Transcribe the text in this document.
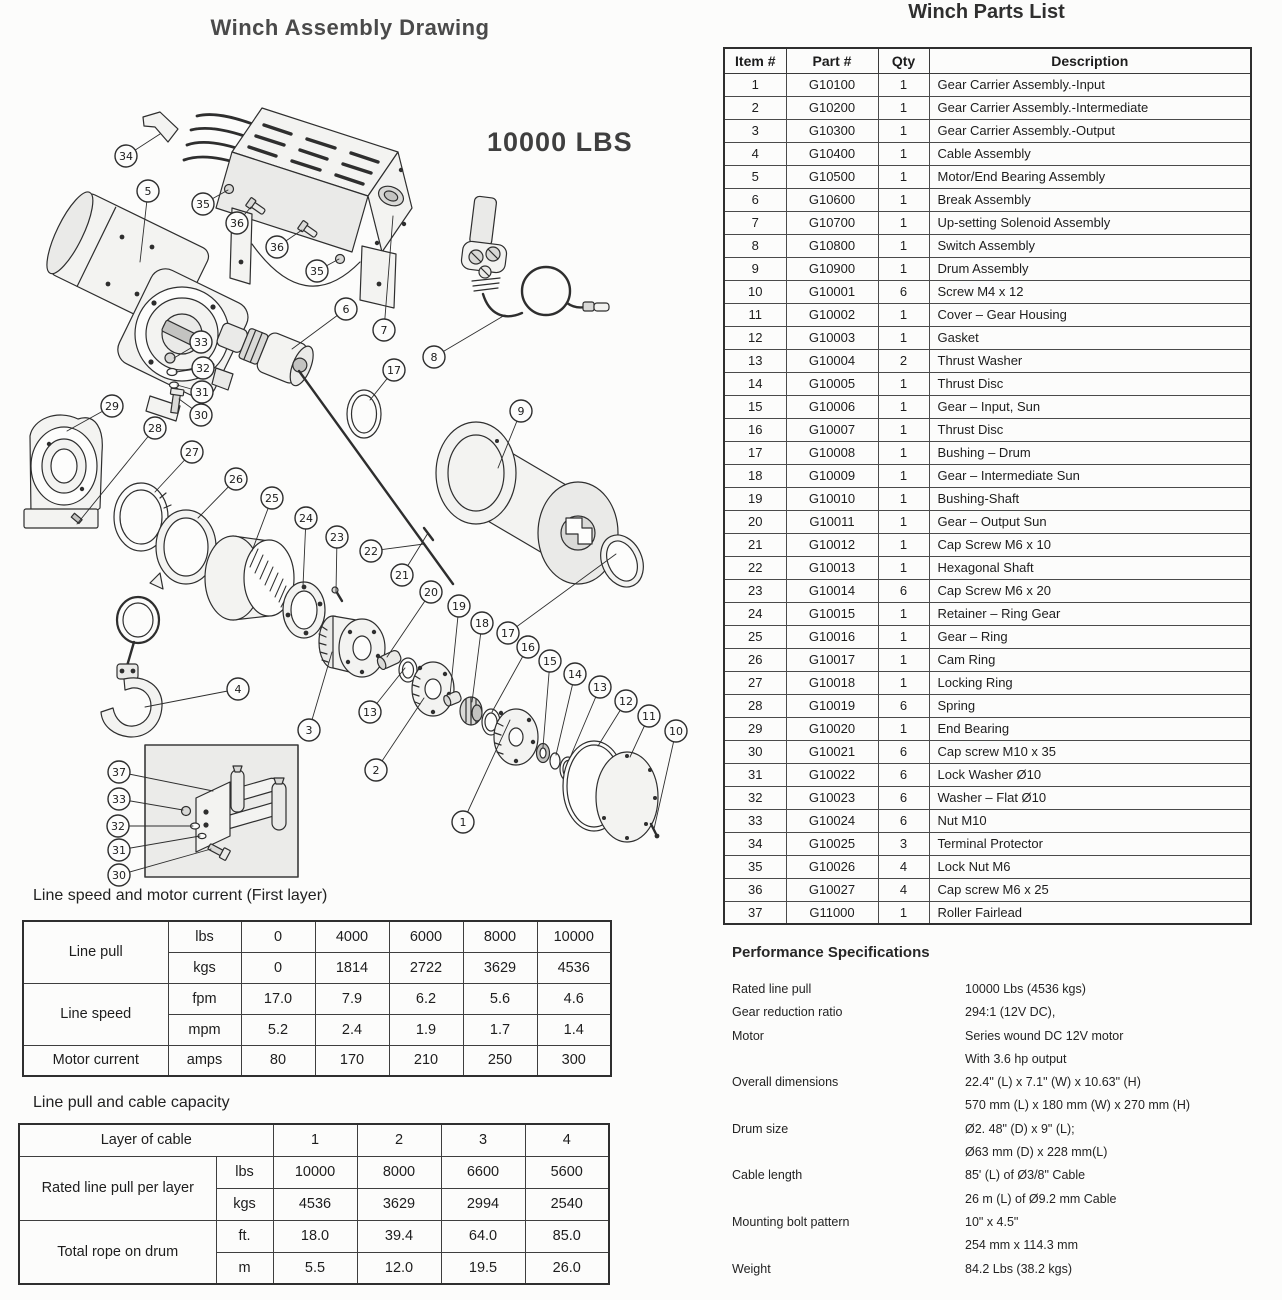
Winch Assembly Drawing
Winch Parts List
10000 LBS
34
5
35
36
36
35
6
7
8
17
9
33
32
31
30
29
28
27
26
25
24
23
22
21
20
19
18
17
16
15
14
13
12
11
10
13
3
2
1
4
37
33
32
31
30
Item #	Part #	Qty	Description
1	G10100	1	Gear Carrier Assembly.-Input
2	G10200	1	Gear Carrier Assembly.-Intermediate
3	G10300	1	Gear Carrier Assembly.-Output
4	G10400	1	Cable Assembly
5	G10500	1	Motor/End Bearing Assembly
6	G10600	1	Break Assembly
7	G10700	1	Up-setting Solenoid Assembly
8	G10800	1	Switch Assembly
9	G10900	1	Drum Assembly
10	G10001	6	Screw M4 x 12
11	G10002	1	Cover – Gear Housing
12	G10003	1	Gasket
13	G10004	2	Thrust Washer
14	G10005	1	Thrust Disc
15	G10006	1	Gear – Input, Sun
16	G10007	1	Thrust Disc
17	G10008	1	Bushing – Drum
18	G10009	1	Gear – Intermediate Sun
19	G10010	1	Bushing-Shaft
20	G10011	1	Gear – Output Sun
21	G10012	1	Cap Screw M6 x 10
22	G10013	1	Hexagonal Shaft
23	G10014	6	Cap Screw M6 x 20
24	G10015	1	Retainer – Ring Gear
25	G10016	1	Gear – Ring
26	G10017	1	Cam Ring
27	G10018	1	Locking Ring
28	G10019	6	Spring
29	G10020	1	End Bearing
30	G10021	6	Cap screw M10 x 35
31	G10022	6	Lock Washer Ø10
32	G10023	6	Washer – Flat Ø10
33	G10024	6	Nut M10
34	G10025	3	Terminal Protector
35	G10026	4	Lock Nut M6
36	G10027	4	Cap screw M6 x 25
37	G11000	1	Roller Fairlead
Performance Specifications
Rated line pull	10000 Lbs (4536 kgs)
Gear reduction ratio	294:1 (12V DC),
Motor	Series wound DC 12V motor
With 3.6 hp output
Overall dimensions	22.4" (L) x 7.1" (W) x 10.63" (H)
570 mm (L) x 180 mm (W) x 270 mm (H)
Drum size	Ø2. 48" (D) x 9" (L);
Ø63 mm (D) x 228 mm(L)
Cable length	85' (L) of Ø3/8" Cable
26 m (L) of Ø9.2 mm Cable
Mounting bolt pattern	10" x 4.5"
254 mm x 114.3 mm
Weight	84.2 Lbs (38.2 kgs)
Line speed and motor current (First layer)
Line pull	lbs	0	4000	6000	8000	10000
	kgs	0	1814	2722	3629	4536
Line speed	fpm	17.0	7.9	6.2	5.6	4.6
	mpm	5.2	2.4	1.9	1.7	1.4
Motor current	amps	80	170	210	250	300
Line pull and cable capacity
Layer of cable		1	2	3	4
Rated line pull per layer	lbs	10000	8000	6600	5600
	kgs	4536	3629	2994	2540
Total rope on drum	ft.	18.0	39.4	64.0	85.0
	m	5.5	12.0	19.5	26.0
